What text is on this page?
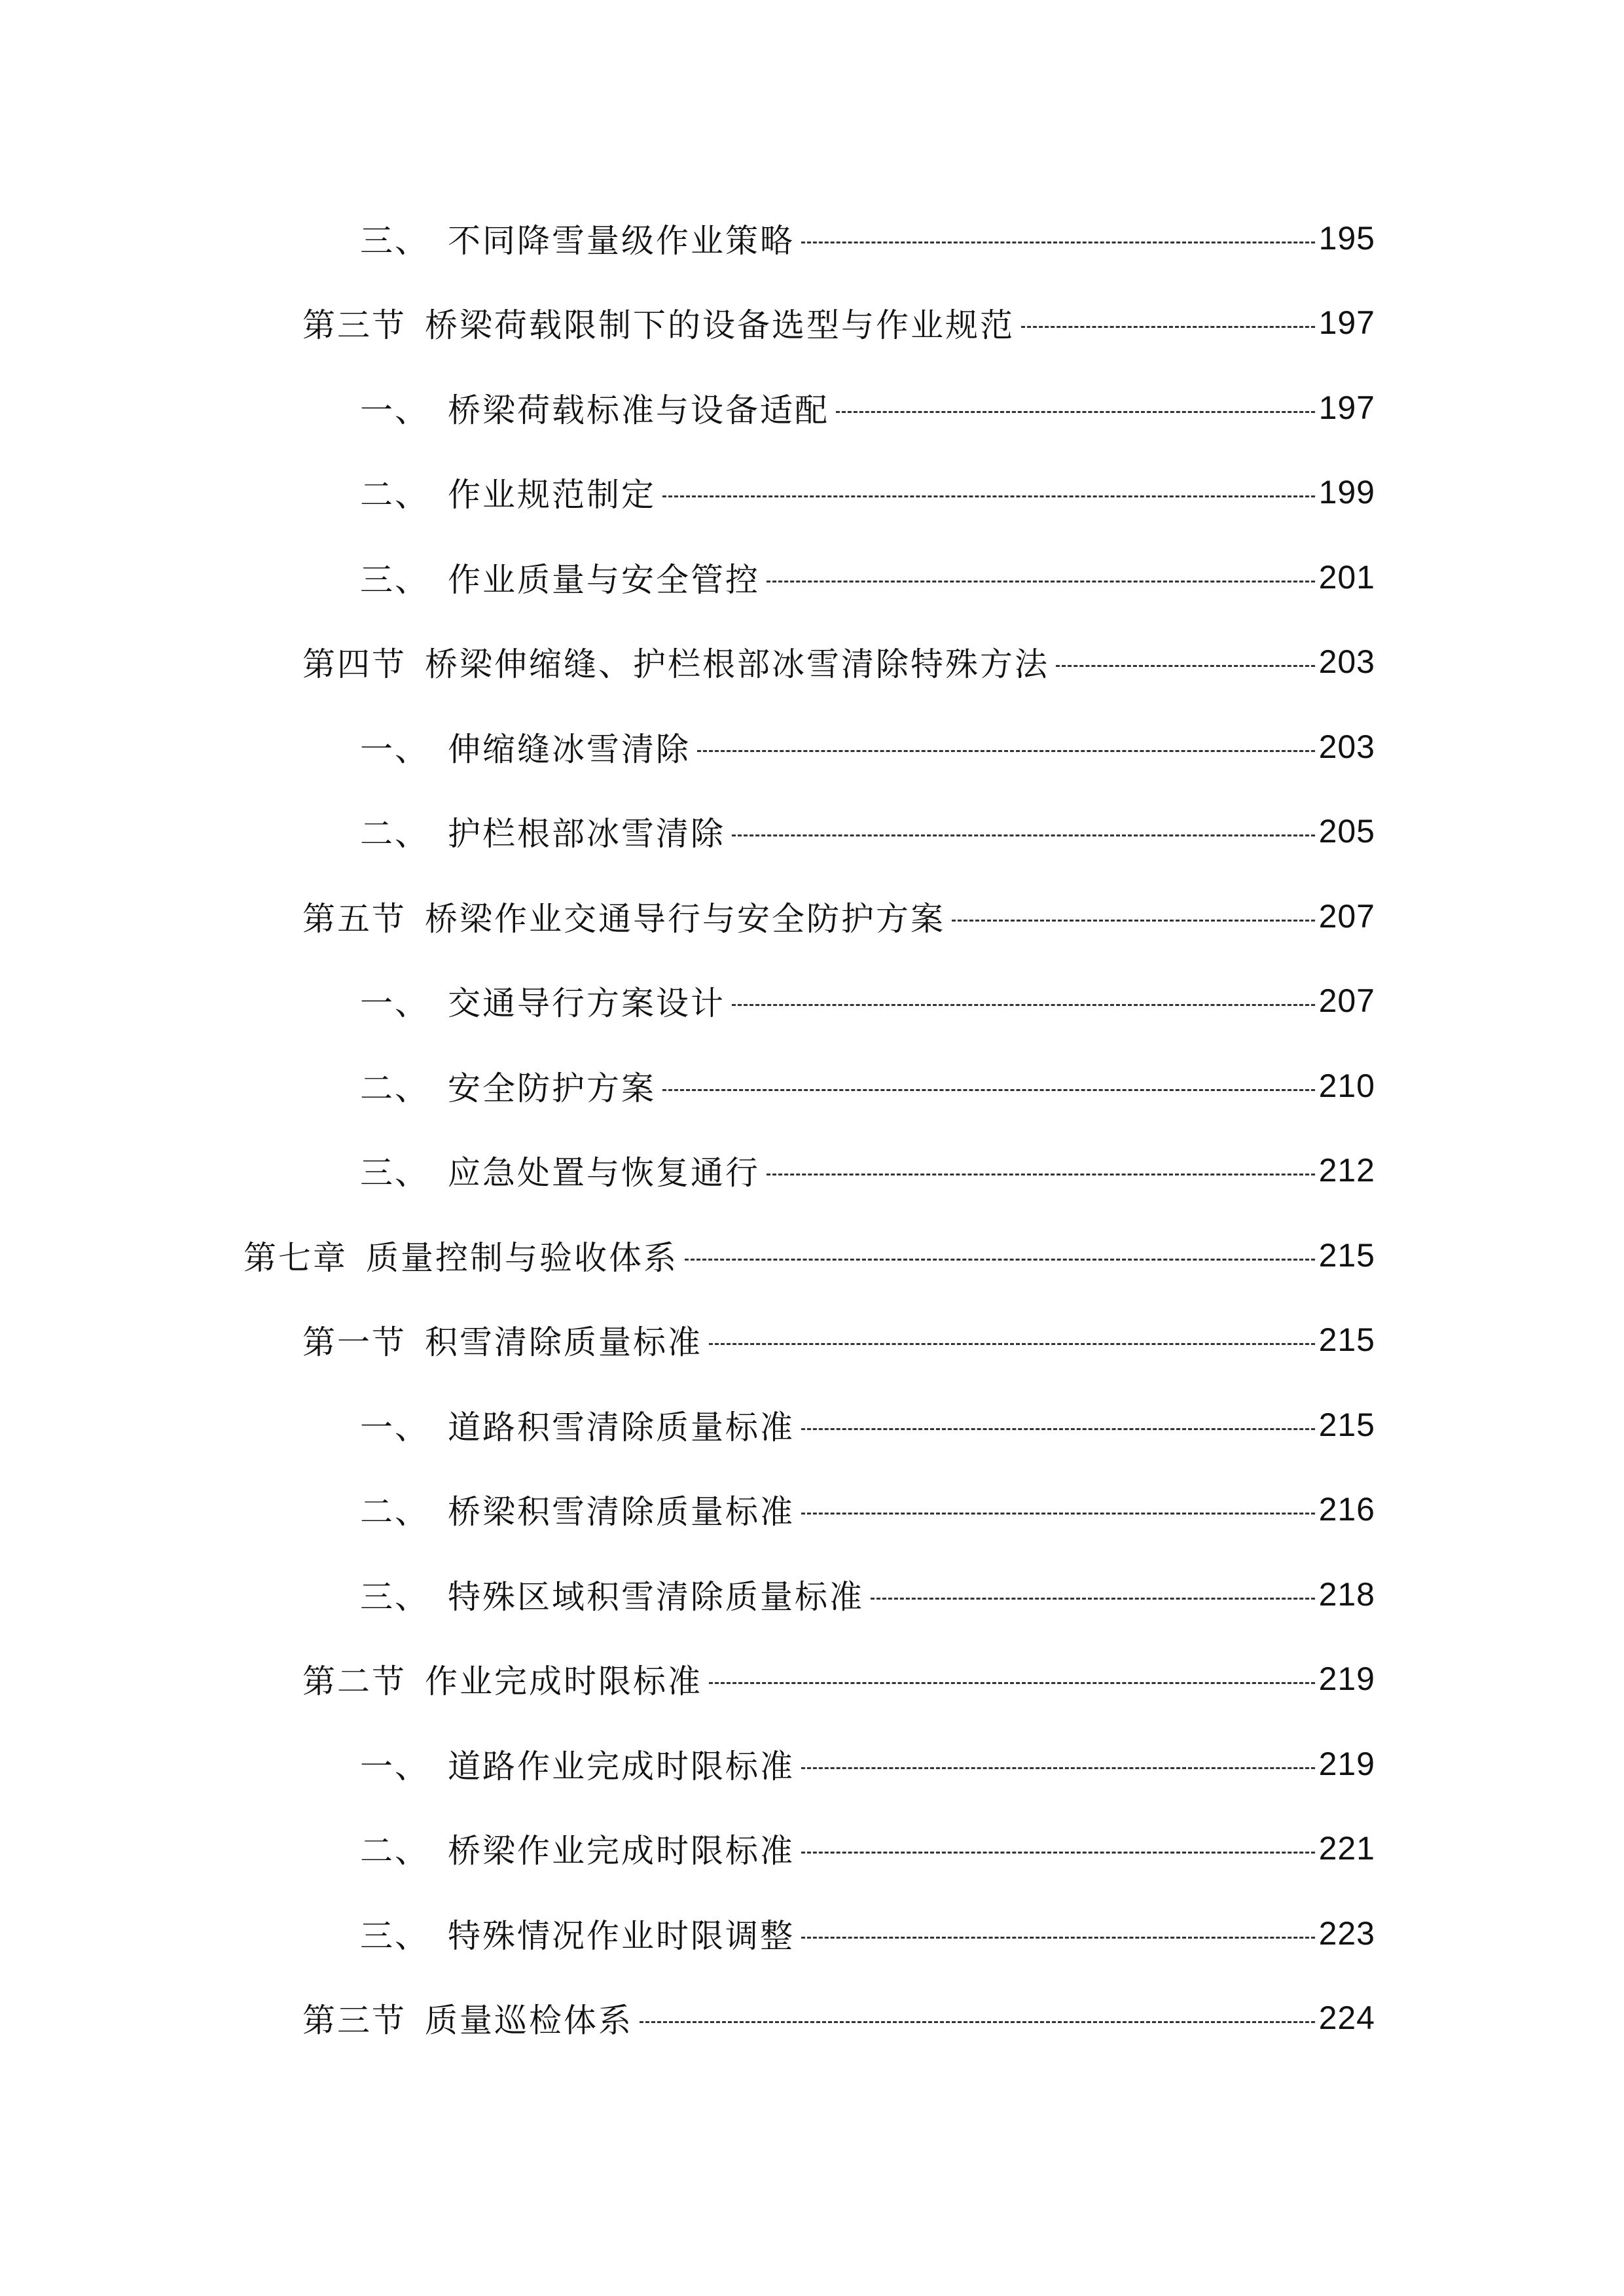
三、 不同降雪量级作业策略	195
第三节 桥梁荷载限制下的设备选型与作业规范	197
一、 桥梁荷载标准与设备适配	197
二、 作业规范制定	199
三、 作业质量与安全管控	201
第四节 桥梁伸缩缝、护栏根部冰雪清除特殊方法	203
一、 伸缩缝冰雪清除	203
二、 护栏根部冰雪清除	205
第五节 桥梁作业交通导行与安全防护方案	207
一、 交通导行方案设计	207
二、 安全防护方案	210
三、 应急处置与恢复通行	212
第七章 质量控制与验收体系	215
第一节 积雪清除质量标准	215
一、 道路积雪清除质量标准	215
二、 桥梁积雪清除质量标准	216
三、 特殊区域积雪清除质量标准	218
第二节 作业完成时限标准	219
一、 道路作业完成时限标准	219
二、 桥梁作业完成时限标准	221
三、 特殊情况作业时限调整	223
第三节 质量巡检体系	224
